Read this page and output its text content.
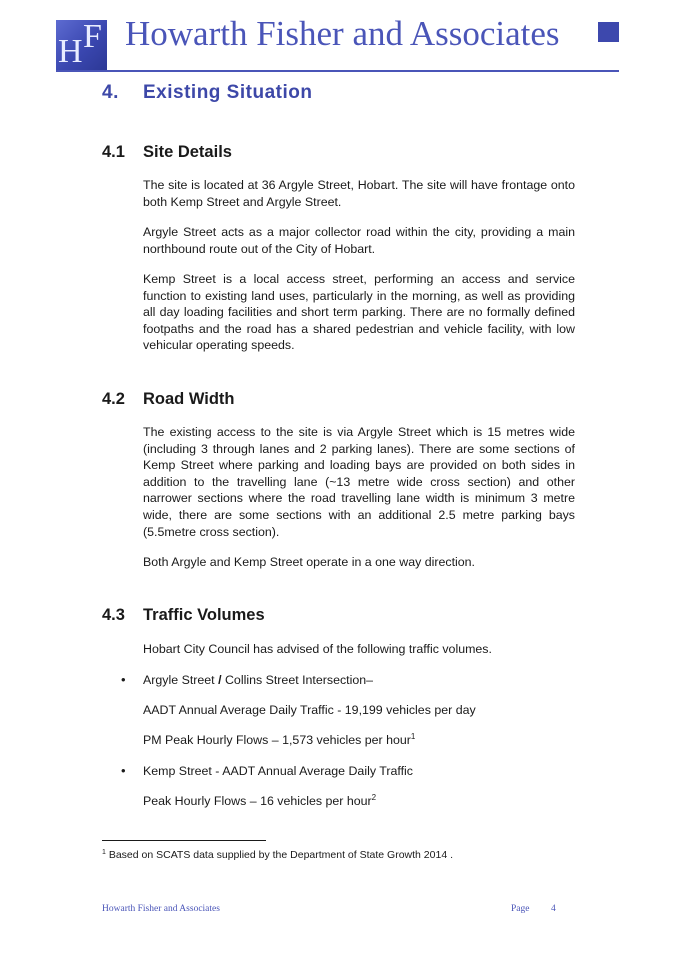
H F Howarth Fisher and Associates
4. Existing Situation
4.1 Site Details

The site is located at 36 Argyle Street, Hobart. The site will have frontage onto both Kemp Street and Argyle Street.

Argyle Street acts as a major collector road within the city, providing a main northbound route out of the City of Hobart.

Kemp Street is a local access street, performing an access and service function to existing land uses, particularly in the morning, as well as providing all day loading facilities and short term parking. There are no formally defined footpaths and the road has a shared pedestrian and vehicle facility, with low vehicular operating speeds.

4.2 Road Width

The existing access to the site is via Argyle Street which is 15 metres wide (including 3 through lanes and 2 parking lanes). There are some sections of Kemp Street where parking and loading bays are provided on both sides in addition to the travelling lane (~13 metre wide cross section) and other narrower sections where the road travelling lane width is minimum 3 metre wide, there are some sections with an additional 2.5 metre parking bays (5.5metre cross section).

Both Argyle and Kemp Street operate in a one way direction.

4.3 Traffic Volumes

Hobart City Council has advised of the following traffic volumes.

• Argyle Street / Collins Street Intersection–

AADT Annual Average Daily Traffic - 19,199 vehicles per day

PM Peak Hourly Flows – 1,573 vehicles per hour$^1$

• Kemp Street - AADT Annual Average Daily Traffic

Peak Hourly Flows – 16 vehicles per hour$^2$

$^1$ Based on SCATS data supplied by the Department of State Growth 2014 .

Howarth Fisher and Associates	Page 4
